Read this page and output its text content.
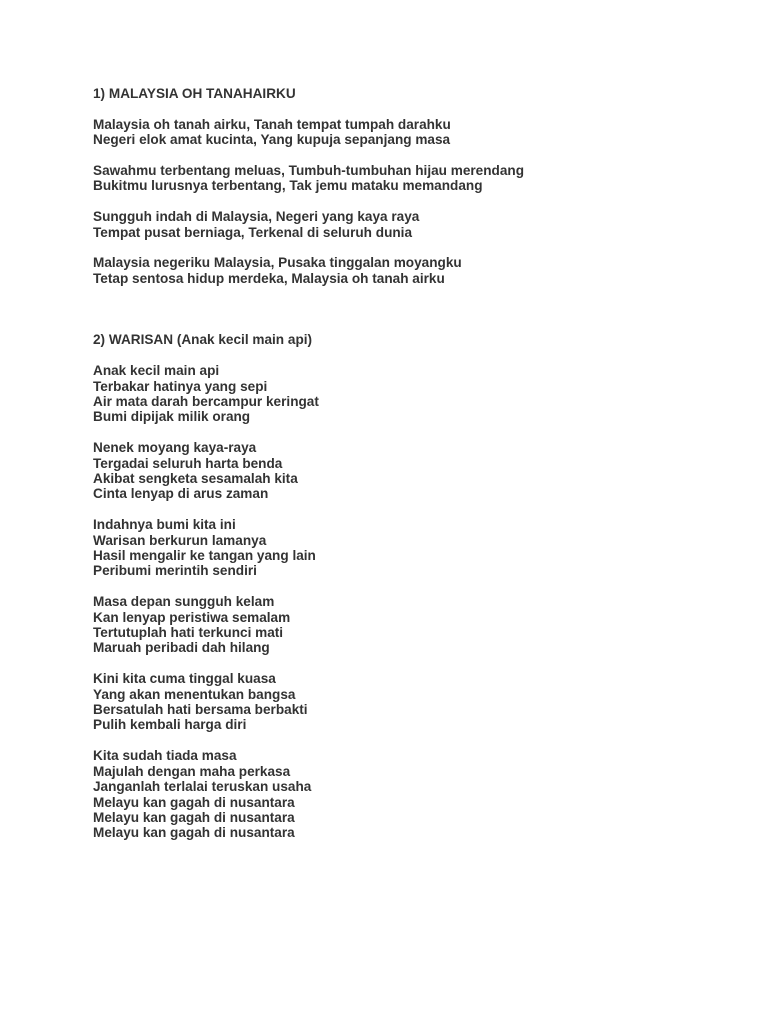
1) MALAYSIA OH TANAHAIRKU
Malaysia oh tanah airku, Tanah tempat tumpah darahku
Negeri elok amat kucinta, Yang kupuja sepanjang masa
Sawahmu terbentang meluas, Tumbuh-tumbuhan hijau merendang
Bukitmu lurusnya terbentang, Tak jemu mataku memandang
Sungguh indah di Malaysia, Negeri yang kaya raya
Tempat pusat berniaga, Terkenal di seluruh dunia
Malaysia negeriku Malaysia, Pusaka tinggalan moyangku
Tetap sentosa hidup merdeka, Malaysia oh tanah airku
2) WARISAN (Anak kecil main api)
Anak kecil main api
Terbakar hatinya yang sepi
Air mata darah bercampur keringat
Bumi dipijak milik orang
Nenek moyang kaya-raya
Tergadai seluruh harta benda
Akibat sengketa sesamalah kita
Cinta lenyap di arus zaman
Indahnya bumi kita ini
Warisan berkurun lamanya
Hasil mengalir ke tangan yang lain
Peribumi merintih sendiri
Masa depan sungguh kelam
Kan lenyap peristiwa semalam
Tertutuplah hati terkunci mati
Maruah peribadi dah hilang
Kini kita cuma tinggal kuasa
Yang akan menentukan bangsa
Bersatulah hati bersama berbakti
Pulih kembali harga diri
Kita sudah tiada masa
Majulah dengan maha perkasa
Janganlah terlalai teruskan usaha
Melayu kan gagah di nusantara
Melayu kan gagah di nusantara
Melayu kan gagah di nusantara
